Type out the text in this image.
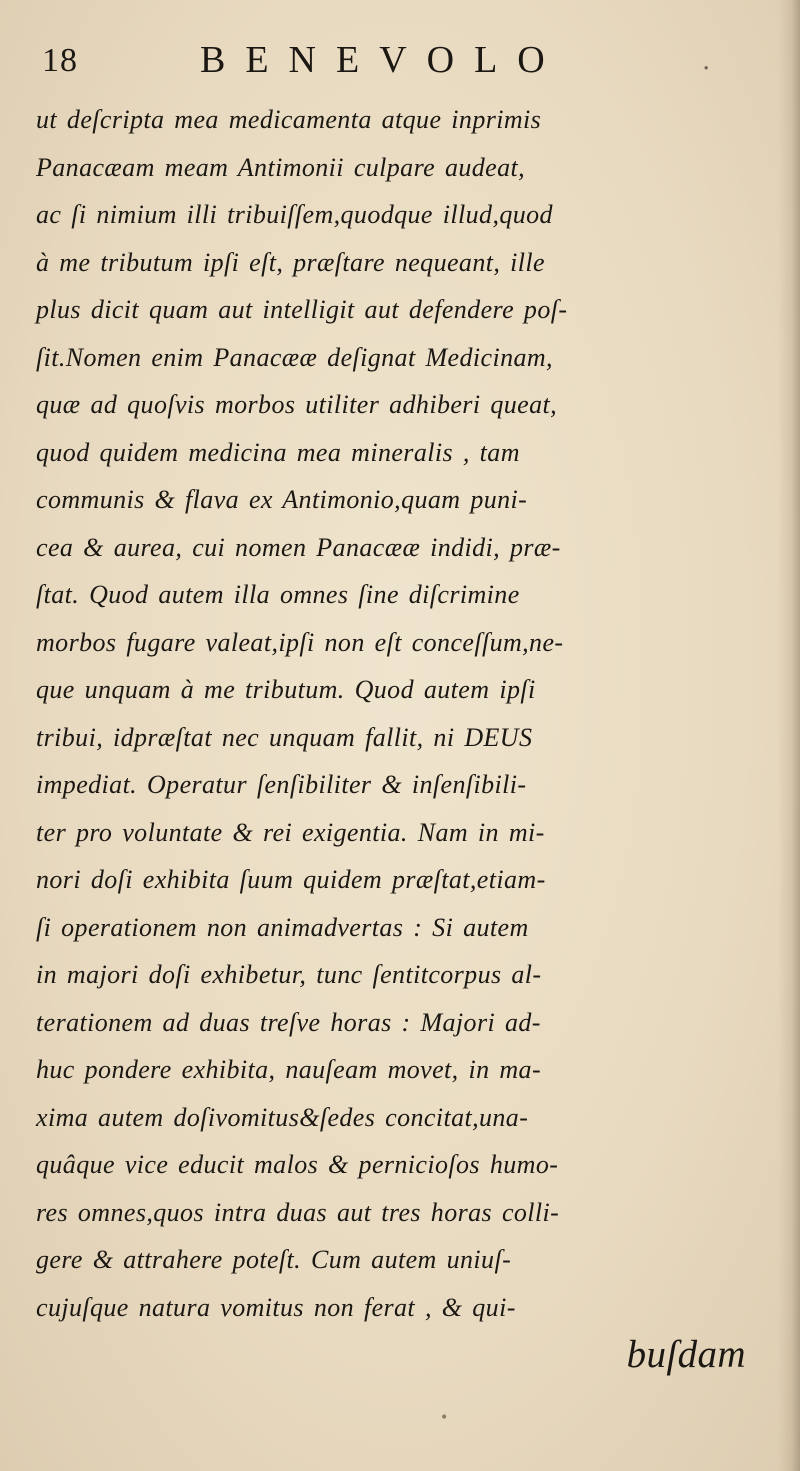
18	BENEVOLO	.
ut deſcripta mea medicamenta atque inprimis
Panacæam meam Antimonii culpare audeat,
ac ſi nimium illi tribuiſſem,quodque illud,quod
à me tributum ipſi eſt, præſtare nequeant, ille
plus dicit quam aut intelligit aut defendere poſ-
ſit.Nomen enim Panacææ deſignat Medicinam,
quæ ad quoſvis morbos utiliter adhiberi queat,
quod quidem medicina mea mineralis , tam
communis & flava ex Antimonio,quam puni-
cea & aurea, cui nomen Panacææ indidi, præ-
ſtat. Quod autem illa omnes ſine diſcrimine
morbos fugare valeat,ipſi non eſt conceſſum,ne-
que unquam à me tributum. Quod autem ipſi
tribui, idpræſtat nec unquam fallit, ni DEUS
impediat. Operatur ſenſibiliter & inſenſibili-
ter pro voluntate & rei exigentia. Nam in mi-
nori doſi exhibita ſuum quidem præſtat,etiam-
ſi operationem non animadvertas : Si autem
in majori doſi exhibetur, tunc ſentitcorpus al-
terationem ad duas treſve horas : Majori ad-
huc pondere exhibita, nauſeam movet, in ma-
xima autem doſivomitus&ſedes concitat,una-
quâque vice educit malos & pernicioſos humo-
res omnes,quos intra duas aut tres horas colli-
gere & attrahere poteſt. Cum autem uniuſ-
cujuſque natura vomitus non ferat , & qui-
buſdam
•
